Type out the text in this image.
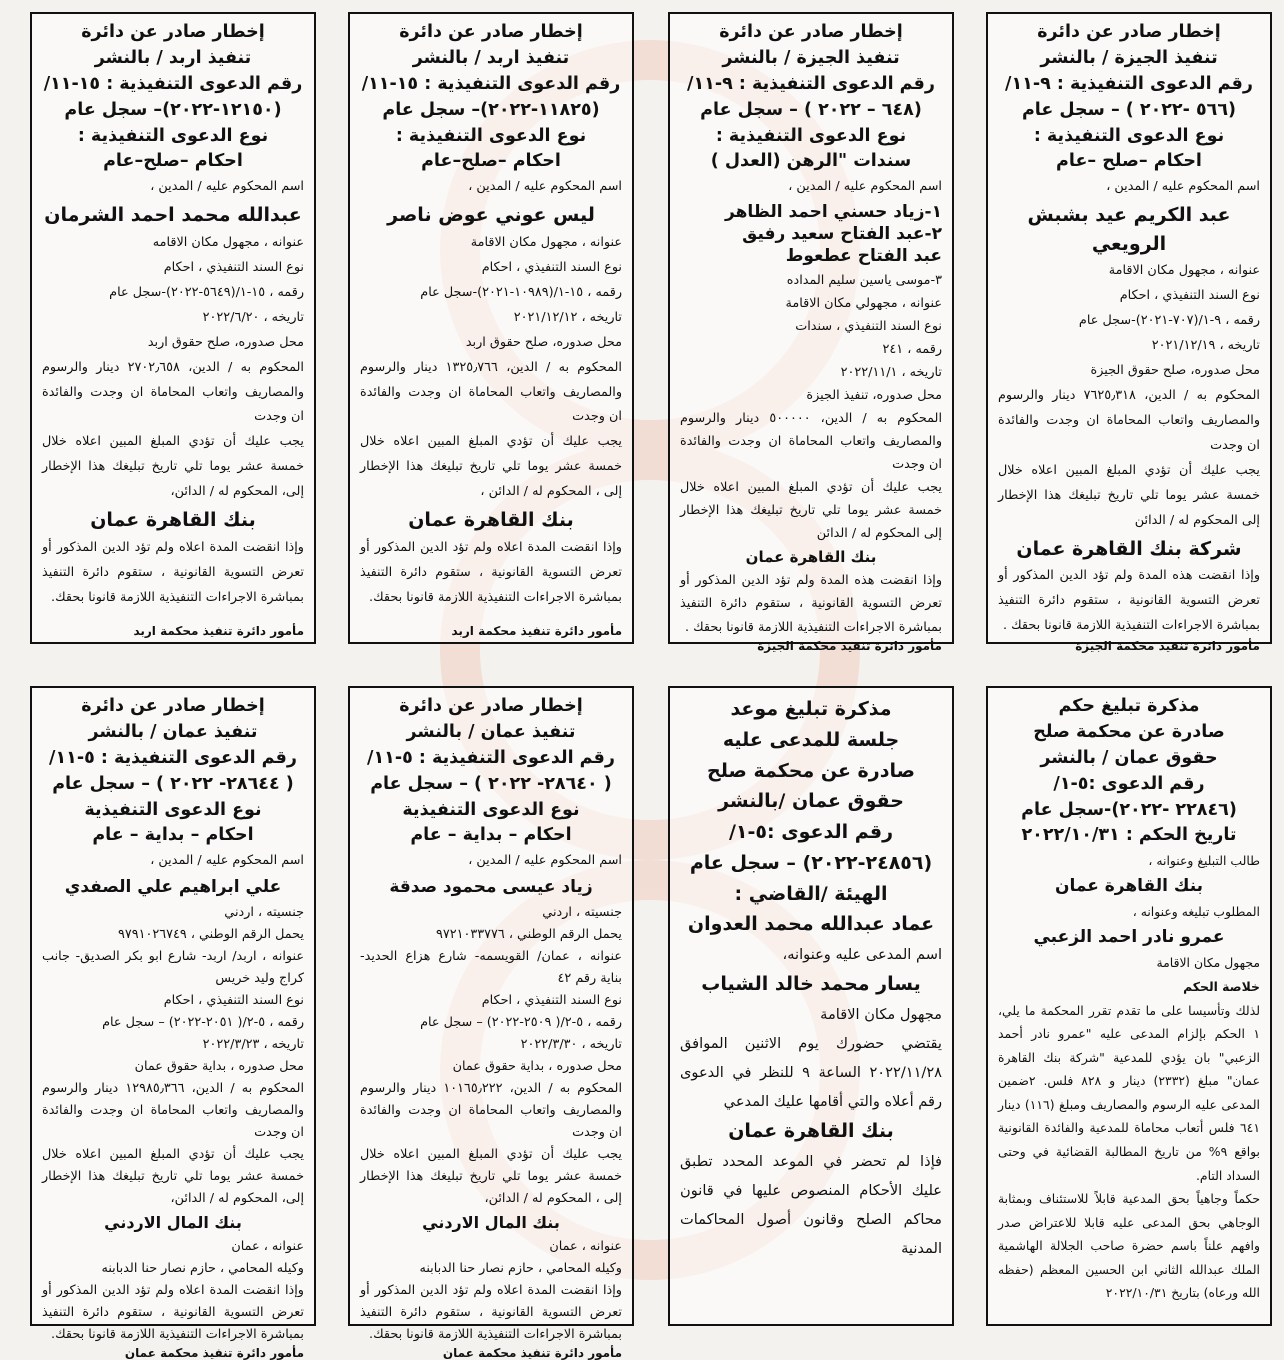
إخطار صادر عن دائرة
تنفيذ الجيزة / بالنشر
رقم الدعوى التنفيذية : ٩-١١/
(٥٦٦ -٢٠٢٢ ) – سجل عام
نوع الدعوى التنفيذية :
احكام –صلح –عام
اسم المحكوم عليه / المدين ،
عبد الكريم عيد بشبش الرويعي
عنوانه ، مجهول مكان الاقامة
نوع السند التنفيذي ، احكام
رقمه ، ٩-١/(٧٠٧-٢٠٢١)-سجل عام
تاريخه ، ٢٠٢١/١٢/١٩
محل صدوره، صلح حقوق الجيزة
المحكوم به / الدين، ٧٦٢٥٫٣١٨ دينار والرسوم والمصاريف واتعاب المحاماة ان وجدت والفائدة ان وجدت
يجب عليك أن تؤدي المبلغ المبين اعلاه خلال خمسة عشر يوما تلي تاريخ تبليغك هذا الإخطار إلى المحكوم له / الدائن
شركة بنك القاهرة عمان
وإذا انقضت هذه المدة ولم تؤد الدين المذكور أو تعرض التسوية القانونية ، ستقوم دائرة التنفيذ بمباشرة الاجراءات التنفيذية اللازمة قانونا بحقك .
مأمور دائرة تنفيذ محكمة الجيزة
إخطار صادر عن دائرة
تنفيذ الجيزة / بالنشر
رقم الدعوى التنفيذية : ٩-١١/
(٦٤٨ – ٢٠٢٢ ) – سجل عام
نوع الدعوى التنفيذية :
سندات "الرهن (العدل )
اسم المحكوم عليه / المدين ،
١-زياد حسني احمد الظاهر
٢-عبد الفتاح سعيد رفيق
عبد الفتاح عطعوط
٣-موسى ياسين سليم المداده
عنوانه ، مجهولي مكان الاقامة
نوع السند التنفيذي ، سندات
رقمه ، ٢٤١
تاريخه ، ٢٠٢٢/١١/١
محل صدوره، تنفيذ الجيزة
المحكوم به / الدين، ٥٠٠٠٠٠ دينار والرسوم والمصاريف واتعاب المحاماة ان وجدت والفائدة ان وجدت
يجب عليك أن تؤدي المبلغ المبين اعلاه خلال خمسة عشر يوما تلي تاريخ تبليغك هذا الإخطار إلى المحكوم له / الدائن
بنك القاهرة عمان
وإذا انقضت هذه المدة ولم تؤد الدين المذكور أو تعرض التسوية القانونية ، ستقوم دائرة التنفيذ بمباشرة الاجراءات التنفيذية اللازمة قانونا بحقك .
مأمور دائرة تنفيذ محكمة الجيزة
إخطار صادر عن دائرة
تنفيذ اربد / بالنشر
رقم الدعوى التنفيذية : ١٥-١١/
(١١٨٢٥-٢٠٢٢)– سجل عام
نوع الدعوى التنفيذية :
احكام –صلح–عام
اسم المحكوم عليه / المدين ،
ليس عوني عوض ناصر
عنوانه ، مجهول مكان الاقامة
نوع السند التنفيذي ، احكام
رقمه ، ١٥-١/(١٠٩٨٩-٢٠٢١)-سجل عام
تاريخه ، ٢٠٢١/١٢/١٢
محل صدوره، صلح حقوق اربد
المحكوم به / الدين، ١٣٢٥٫٧٦٦ دينار والرسوم والمصاريف واتعاب المحاماة ان وجدت والفائدة ان وجدت
يجب عليك أن تؤدي المبلغ المبين اعلاه خلال خمسة عشر يوما تلي تاريخ تبليغك هذا الإخطار إلى ، المحكوم له / الدائن ،
بنك القاهرة عمان
وإذا انقضت المدة اعلاه ولم تؤد الدين المذكور أو تعرض التسوية القانونية ، ستقوم دائرة التنفيذ بمباشرة الاجراءات التنفيذية اللازمة قانونا بحقك.
مأمور دائرة تنفيذ محكمة اربد
إخطار صادر عن دائرة
تنفيذ اربد / بالنشر
رقم الدعوى التنفيذية : ١٥-١١/
(١٢١٥٠-٢٠٢٢)– سجل عام
نوع الدعوى التنفيذية :
احكام –صلح–عام
اسم المحكوم عليه / المدين ،
عبدالله محمد احمد الشرمان
عنوانه ، مجهول مكان الاقامه
نوع السند التنفيذي ، احكام
رقمه ، ١٥-١/(٥٦٤٩-٢٠٢٢)-سجل عام
تاريخه ، ٢٠٢٢/٦/٢٠
محل صدوره، صلح حقوق اربد
المحكوم به / الدين، ٢٧٠٢٫٦٥٨ دينار والرسوم والمصاريف واتعاب المحاماة ان وجدت والفائدة ان وجدت
يجب عليك أن تؤدي المبلغ المبين اعلاه خلال خمسة عشر يوما تلي تاريخ تبليغك هذا الإخطار إلى، المحكوم له / الدائن،
بنك القاهرة عمان
وإذا انقضت المدة اعلاه ولم تؤد الدين المذكور أو تعرض التسوية القانونية ، ستقوم دائرة التنفيذ بمباشرة الاجراءات التنفيذية اللازمة قانونا بحقك.
مأمور دائرة تنفيذ محكمة اربد
مذكرة تبليغ حكم
صادرة عن محكمة صلح
حقوق عمان / بالنشر
رقم الدعوى :٥-١/
(٢٢٨٤٦ -٢٠٢٢)-سجل عام
تاريخ الحكم : ٢٠٢٢/١٠/٣١
طالب التبليغ وعنوانه ،
بنك القاهرة عمان
المطلوب تبليغه وعنوانه ،
عمرو نادر احمد الزعبي
مجهول مكان الاقامة
خلاصة الحكم
لذلك وتأسيسا على ما تقدم تقرر المحكمة ما يلي، ١ الحكم بإلزام المدعى عليه "عمرو نادر أحمد الزعبي" بان يؤدي للمدعية "شركة بنك القاهرة عمان" مبلغ (٢٣٣٢) دينار و ٨٢٨ فلس. ٢ضمين المدعى عليه الرسوم والمصاريف ومبلغ (١١٦) دينار ٦٤١ فلس أتعاب محاماة للمدعية والفائدة القانونية بواقع ٩% من تاريخ المطالبة القضائية في وحتى السداد التام.
حكماً وجاهياً بحق المدعية قابلاً للاستئناف وبمثابة الوجاهي بحق المدعى عليه قابلا للاعتراض صدر وافهم علناً باسم حضرة صاحب الجلالة الهاشمية الملك عبدالله الثاني ابن الحسين المعظم (حفظه الله ورعاه) بتاريخ ٢٠٢٢/١٠/٣١
مذكرة تبليغ موعد
جلسة للمدعى عليه
صادرة عن محكمة صلح
حقوق عمان /بالنشر
رقم الدعوى :٥-١/
(٢٤٨٥٦-٢٠٢٢) – سجل عام
الهيئة /القاضي :
عماد عبدالله محمد العدوان
اسم المدعى عليه وعنوانه،
يسار محمد خالد الشياب
مجهول مكان الاقامة
يقتضي حضورك يوم الاثنين الموافق ٢٠٢٢/١١/٢٨ الساعة ٩ للنظر في الدعوى رقم أعلاه والتي أقامها عليك المدعي
بنك القاهرة عمان
فإذا لم تحضر في الموعد المحدد تطبق عليك الأحكام المنصوص عليها في قانون محاكم الصلح وقانون أصول المحاكمات المدنية
إخطار صادر عن دائرة
تنفيذ عمان / بالنشر
رقم الدعوى التنفيذية : ٥-١١/
( ٢٨٦٤٠- ٢٠٢٢ ) – سجل عام
نوع الدعوى التنفيذية
احكام – بداية – عام
اسم المحكوم عليه / المدين ،
زياد عيسى محمود صدقة
جنسيته ، اردني
يحمل الرقم الوطني ، ٩٧٢١٠٣٣٧٧٦
عنوانه ، عمان/ القويسمه- شارع هزاع الحديد- بناية رقم ٤٢
نوع السند التنفيذي ، احكام
رقمه ، ٥-٢/( ٢٥٠٩-٢٠٢٢) – سجل عام
تاريخه ، ٢٠٢٢/٣/٣٠
محل صدوره ، بداية حقوق عمان
المحكوم به / الدين، ١٠١٦٥٫٢٢٢ دينار والرسوم والمصاريف واتعاب المحاماة ان وجدت والفائدة ان وجدت
يجب عليك أن تؤدي المبلغ المبين اعلاه خلال خمسة عشر يوما تلي تاريخ تبليغك هذا الإخطار إلى ، المحكوم له / الدائن،
بنك المال الاردني
عنوانه ، عمان
وكيله المحامي ، حازم نصار حنا الدبابنه
وإذا انقضت المدة اعلاه ولم تؤد الدين المذكور أو تعرض التسوية القانونية ، ستقوم دائرة التنفيذ بمباشرة الاجراءات التنفيذية اللازمة قانونا بحقك.
مأمور دائرة تنفيذ محكمة عمان
إخطار صادر عن دائرة
تنفيذ عمان / بالنشر
رقم الدعوى التنفيذية : ٥-١١/
( ٢٨٦٤٤- ٢٠٢٢ ) – سجل عام
نوع الدعوى التنفيذية
احكام – بداية – عام
اسم المحكوم عليه / المدين ،
علي ابراهيم علي الصفدي
جنسيته ، اردني
يحمل الرقم الوطني ، ٩٧٩١٠٢٦٧٤٩
عنوانه ، اربد/ اربد- شارع ابو بكر الصديق- جانب كراج وليد خريس
نوع السند التنفيذي ، احكام
رقمه ، ٥-٢/( ٢٠٥١-٢٠٢٢) – سجل عام
تاريخه ، ٢٠٢٢/٣/٢٣
محل صدوره ، بداية حقوق عمان
المحكوم به / الدين، ١٢٩٨٥٫٣٦٦ دينار والرسوم والمصاريف واتعاب المحاماة ان وجدت والفائدة ان وجدت
يجب عليك أن تؤدي المبلغ المبين اعلاه خلال خمسة عشر يوما تلي تاريخ تبليغك هذا الإخطار إلى، المحكوم له / الدائن،
بنك المال الاردني
عنوانه ، عمان
وكيله المحامي ، حازم نصار حنا الدبابنه
وإذا انقضت المدة اعلاه ولم تؤد الدين المذكور أو تعرض التسوية القانونية ، ستقوم دائرة التنفيذ بمباشرة الاجراءات التنفيذية اللازمة قانونا بحقك.
مأمور دائرة تنفيذ محكمة عمان
